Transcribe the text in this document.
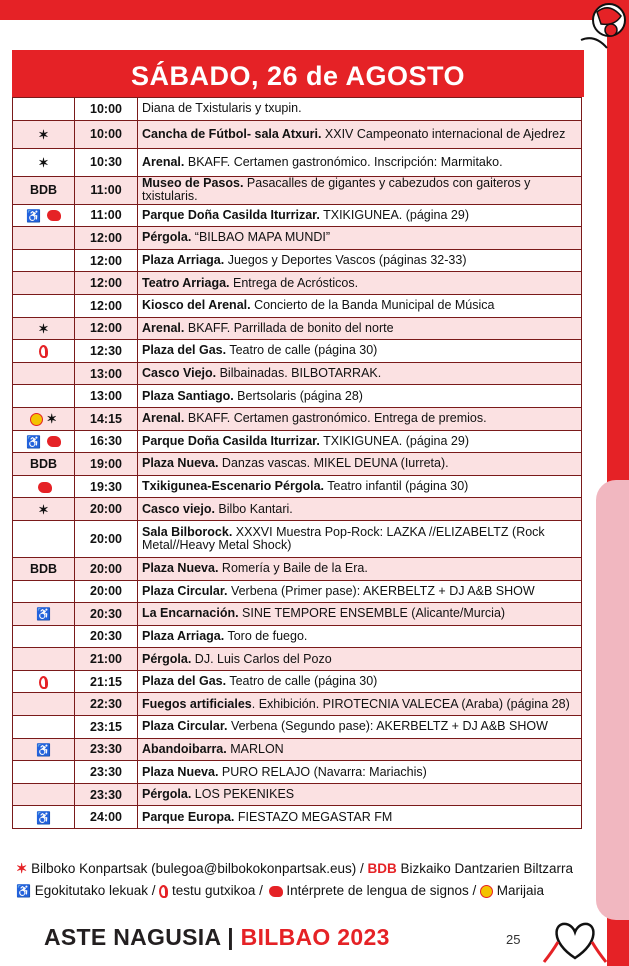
SÁBADO, 26 de AGOSTO
	10:00	Diana de Txistularis y txupin.
✶	10:00	Cancha de Fútbol- sala Atxuri. XXIV Campeonato internacional de Ajedrez
✶	10:30	Arenal. BKAFF. Certamen gastronómico. Inscripción: Marmitako.
BDB	11:00	Museo de Pasos. Pasacalles de gigantes y cabezudos con gaiteros y txistularis.
♿	11:00	Parque Doña Casilda Iturrizar. TXIKIGUNEA. (página 29)
	12:00	Pérgola. “BILBAO MAPA MUNDI”
	12:00	Plaza Arriaga. Juegos y Deportes Vascos (páginas 32-33)
	12:00	Teatro Arriaga. Entrega de Acrósticos.
	12:00	Kiosco del Arenal. Concierto de la Banda Municipal de Música
✶	12:00	Arenal. BKAFF. Parrillada de bonito del norte
	12:30	Plaza del Gas. Teatro de calle (página 30)
	13:00	Casco Viejo. Bilbainadas. BILBOTARRAK.
	13:00	Plaza Santiago. Bertsolaris (página 28)
✶	14:15	Arenal. BKAFF. Certamen gastronómico. Entrega de premios.
♿	16:30	Parque Doña Casilda Iturrizar. TXIKIGUNEA. (página 29)
BDB	19:00	Plaza Nueva. Danzas vascas. MIKEL DEUNA (Iurreta).
	19:30	Txikigunea-Escenario Pérgola. Teatro infantil (página 30)
✶	20:00	Casco viejo. Bilbo Kantari.
	20:00	Sala Bilborock. XXXVI Muestra Pop-Rock: LAZKA //ELIZABELTZ (Rock Metal//Heavy Metal Shock)
BDB	20:00	Plaza Nueva. Romería y Baile de la Era.
	20:00	Plaza Circular. Verbena (Primer pase): AKERBELTZ + DJ A&B SHOW
♿	20:30	La Encarnación. SINE TEMPORE ENSEMBLE (Alicante/Murcia)
	20:30	Plaza Arriaga. Toro de fuego.
	21:00	Pérgola. DJ. Luis Carlos del Pozo
	21:15	Plaza del Gas. Teatro de calle (página 30)
	22:30	Fuegos artificiales. Exhibición. PIROTECNIA VALECEA (Araba) (página 28)
	23:15	Plaza Circular. Verbena (Segundo pase): AKERBELTZ + DJ A&B SHOW
♿	23:30	Abandoibarra. MARLON
	23:30	Plaza Nueva. PURO RELAJO (Navarra: Mariachis)
	23:30	Pérgola. LOS PEKENIKES
♿	24:00	Parque Europa. FIESTAZO MEGASTAR FM
✶ Bilboko Konpartsak (bulegoa@bilbokokonpartsak.eus) / BDB Bizkaiko Dantzarien Biltzarra
♿ Egokitutako lekuak /  testu gutxikoa /  Intérprete de lengua de signos /  Marijaia
ASTE NAGUSIA | BILBAO 2023	25
